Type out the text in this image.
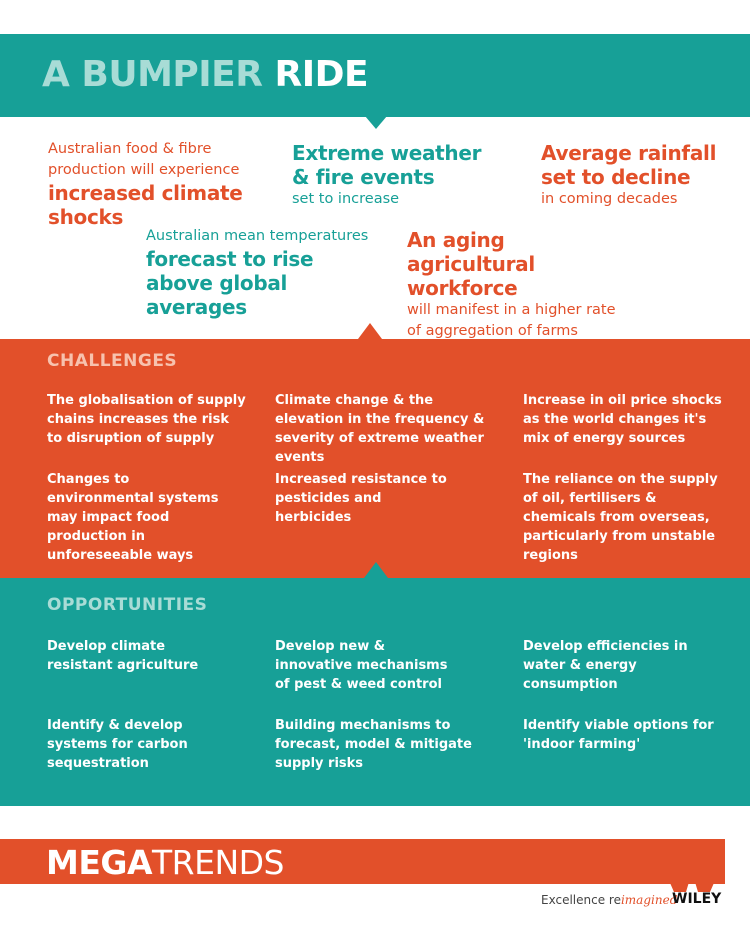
A BUMPIER RIDE
Australian food & fibre production will experience
increased climate shocks
Extreme weather & fire events
set to increase
Average rainfall set to decline
in coming decades
Australian mean temperatures
forecast to rise above global averages
An aging agricultural workforce
will manifest in a higher rate of aggregation of farms
CHALLENGES
The globalisation of supply chains increases the risk to disruption of supply
Climate change & the elevation in the frequency & severity of extreme weather events
Increase in oil price shocks as the world changes it's mix of energy sources
Changes to environmental systems may impact food production in unforeseeable ways
Increased resistance to pesticides and herbicides
The reliance on the supply of oil, fertilisers & chemicals from overseas, particularly from unstable regions
OPPORTUNITIES
Develop climate resistant agriculture
Develop new & innovative mechanisms of pest & weed control
Develop efficiencies in water & energy consumption
Identify & develop systems for carbon sequestration
Building mechanisms to forecast, model & mitigate supply risks
Identify viable options for 'indoor farming'
MEGATRENDS
Excellence reimagined
WILEY
